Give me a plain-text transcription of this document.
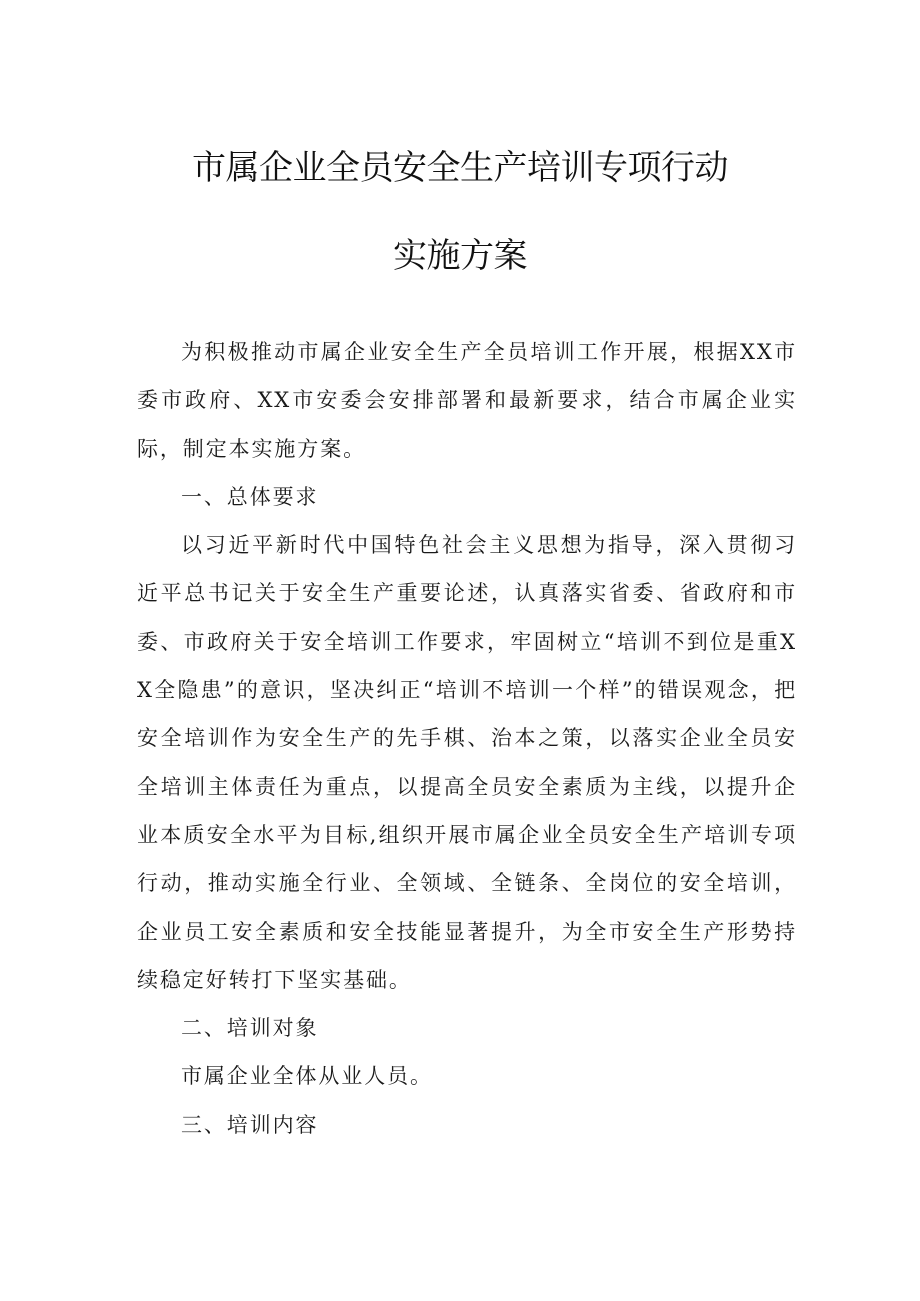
市属企业全员安全生产培训专项行动
实施方案

为积极推动市属企业安全生产全员培训工作开展，根据XX市委市政府、XX市安委会安排部署和最新要求，结合市属企业实际，制定本实施方案。

一、总体要求

以习近平新时代中国特色社会主义思想为指导，深入贯彻习近平总书记关于安全生产重要论述，认真落实省委、省政府和市委、市政府关于安全培训工作要求，牢固树立“培训不到位是重XX全隐患”的意识，坚决纠正“培训不培训一个样”的错误观念，把安全培训作为安全生产的先手棋、治本之策，以落实企业全员安全培训主体责任为重点，以提高全员安全素质为主线，以提升企业本质安全水平为目标,组织开展市属企业全员安全生产培训专项行动，推动实施全行业、全领域、全链条、全岗位的安全培训，企业员工安全素质和安全技能显著提升，为全市安全生产形势持续稳定好转打下坚实基础。

二、培训对象

市属企业全体从业人员。

三、培训内容
